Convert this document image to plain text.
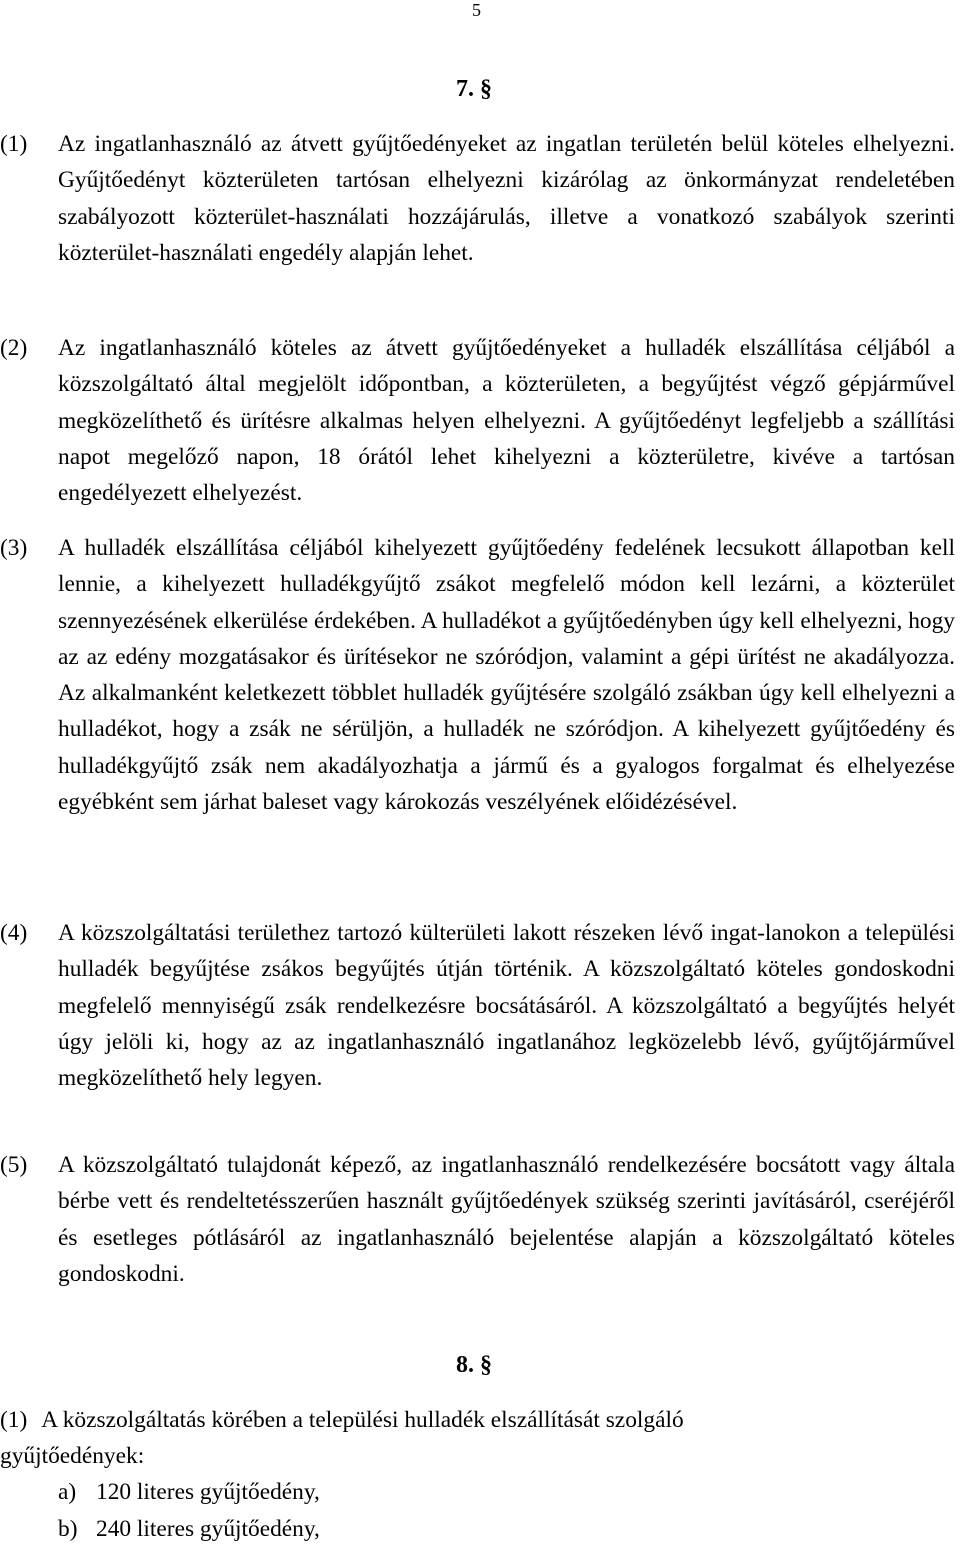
5
7. §
(1) Az ingatlanhasználó az átvett gyűjtőedényeket az ingatlan területén belül köteles elhelyezni. Gyűjtőedényt közterületen tartósan elhelyezni kizárólag az önkormányzat rendeletében szabályozott közterület-használati hozzájárulás, illetve a vonatkozó szabályok szerinti közterület-használati engedély alapján lehet.
(2) Az ingatlanhasználó köteles az átvett gyűjtőedényeket a hulladék elszállítása céljából a közszolgáltató által megjelölt időpontban, a közterületen, a begyűjtést végző gépjárművel megközelíthető és ürítésre alkalmas helyen elhelyezni. A gyűjtőedényt legfeljebb a szállítási napot megelőző napon, 18 órától lehet kihelyezni a közterületre, kivéve a tartósan engedélyezett elhelyezést.
(3) A hulladék elszállítása céljából kihelyezett gyűjtőedény fedelének lecsukott állapotban kell lennie, a kihelyezett hulladékgyűjtő zsákot megfelelő módon kell lezárni, a közterület szennyezésének elkerülése érdekében. A hulladékot a gyűjtőedényben úgy kell elhelyezni, hogy az az edény mozgatásakor és ürítésekor ne szóródjon, valamint a gépi ürítést ne akadályozza. Az alkalmanként keletkezett többlet hulladék gyűjtésére szolgáló zsákban úgy kell elhelyezni a hulladékot, hogy a zsák ne sérüljön, a hulladék ne szóródjon. A kihelyezett gyűjtőedény és hulladékgyűjtő zsák nem akadályozhatja a jármű és a gyalogos forgalmat és elhelyezése egyébként sem járhat baleset vagy károkozás veszélyének előidézésével.
(4) A közszolgáltatási területhez tartozó külterületi lakott részeken lévő ingat-lanokon a települési hulladék begyűjtése zsákos begyűjtés útján történik. A közszolgáltató köteles gondoskodni megfelelő mennyiségű zsák rendelkezésre bocsátásáról. A közszolgáltató a begyűjtés helyét úgy jelöli ki, hogy az az ingatlanhasználó ingatlanához legközelebb lévő, gyűjtőjárművel megközelíthető hely legyen.
(5) A közszolgáltató tulajdonát képező, az ingatlanhasználó rendelkezésére bocsátott vagy általa bérbe vett és rendeltetésszerűen használt gyűjtőedények szükség szerinti javításáról, cseréjéről és esetleges pótlásáról az ingatlanhasználó bejelentése alapján a közszolgáltató köteles gondoskodni.
8. §
(1) A közszolgáltatás körében a települési hulladék elszállítását szolgáló gyűjtőedények:
a) 120 literes gyűjtőedény,
b) 240 literes gyűjtőedény,
